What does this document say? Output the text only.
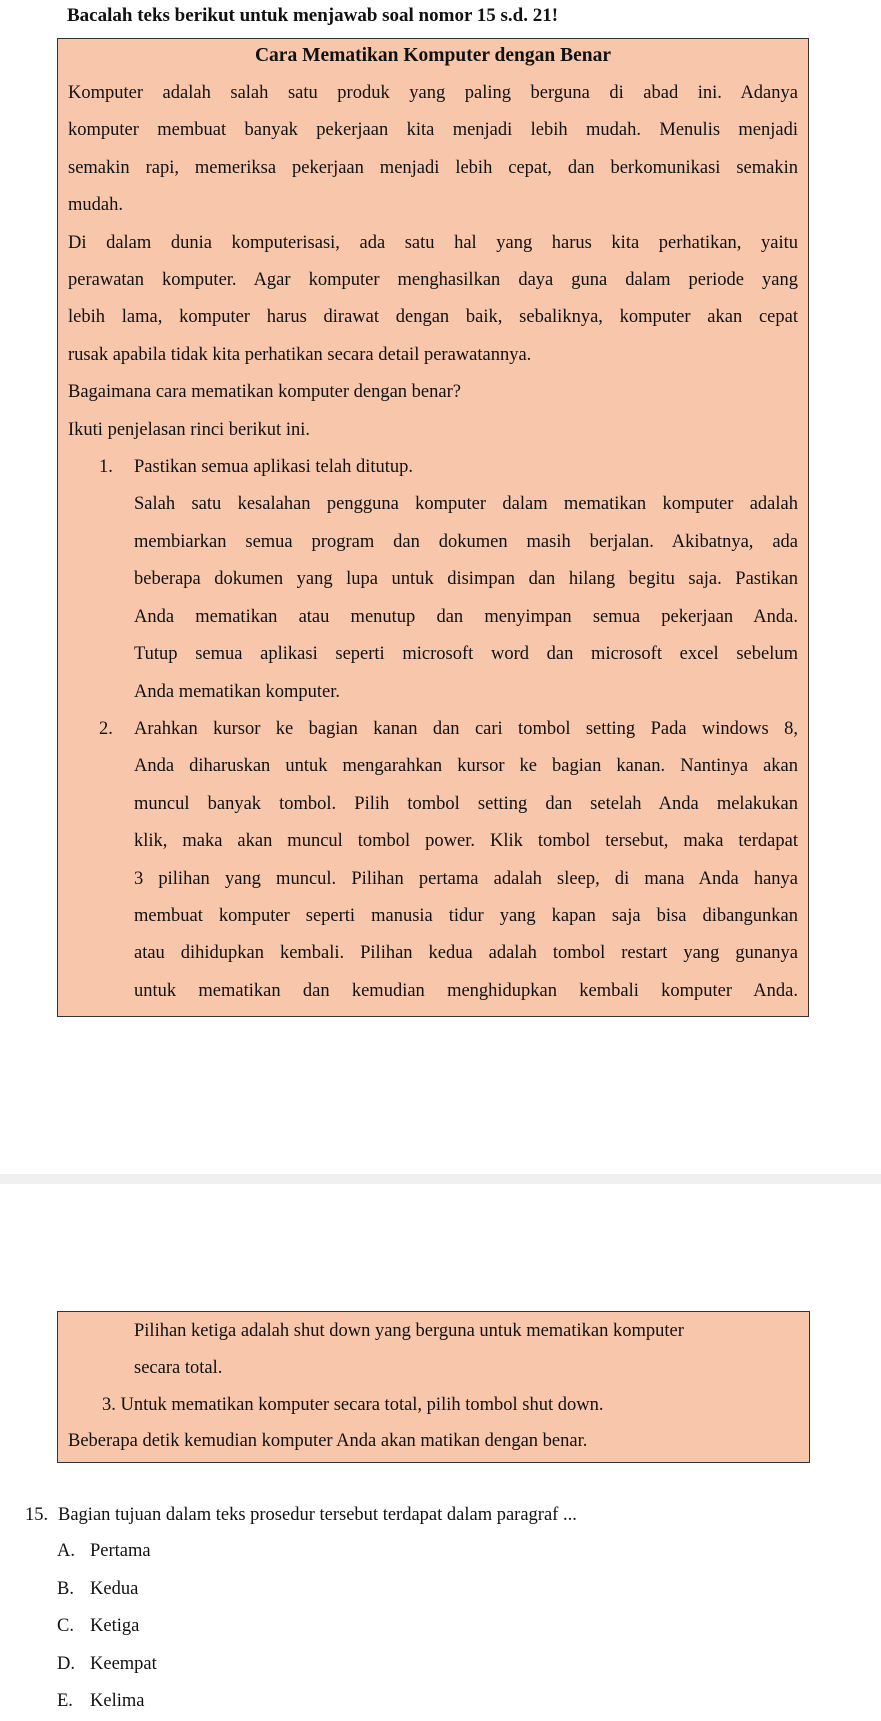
Bacalah teks berikut untuk menjawab soal nomor 15 s.d. 21!

Cara Mematikan Komputer dengan Benar
Komputer adalah salah satu produk yang paling berguna di abad ini. Adanya
komputer membuat banyak pekerjaan kita menjadi lebih mudah. Menulis menjadi
semakin rapi, memeriksa pekerjaan menjadi lebih cepat, dan berkomunikasi semakin
mudah.
Di dalam dunia komputerisasi, ada satu hal yang harus kita perhatikan, yaitu
perawatan komputer. Agar komputer menghasilkan daya guna dalam periode yang
lebih lama, komputer harus dirawat dengan baik, sebaliknya, komputer akan cepat
rusak apabila tidak kita perhatikan secara detail perawatannya.
Bagaimana cara mematikan komputer dengan benar?
Ikuti penjelasan rinci berikut ini.
1. Pastikan semua aplikasi telah ditutup.
Salah satu kesalahan pengguna komputer dalam mematikan komputer adalah
membiarkan semua program dan dokumen masih berjalan. Akibatnya, ada
beberapa dokumen yang lupa untuk disimpan dan hilang begitu saja. Pastikan
Anda mematikan atau menutup dan menyimpan semua pekerjaan Anda.
Tutup semua aplikasi seperti microsoft word dan microsoft excel sebelum
Anda mematikan komputer.
2. Arahkan kursor ke bagian kanan dan cari tombol setting Pada windows 8,
Anda diharuskan untuk mengarahkan kursor ke bagian kanan. Nantinya akan
muncul banyak tombol. Pilih tombol setting dan setelah Anda melakukan
klik, maka akan muncul tombol power. Klik tombol tersebut, maka terdapat
3 pilihan yang muncul. Pilihan pertama adalah sleep, di mana Anda hanya
membuat komputer seperti manusia tidur yang kapan saja bisa dibangunkan
atau dihidupkan kembali. Pilihan kedua adalah tombol restart yang gunanya
untuk mematikan dan kemudian menghidupkan kembali komputer Anda.
Pilihan ketiga adalah shut down yang berguna untuk mematikan komputer
secara total.
3. Untuk mematikan komputer secara total, pilih tombol shut down.
Beberapa detik kemudian komputer Anda akan matikan dengan benar.

15. Bagian tujuan dalam teks prosedur tersebut terdapat dalam paragraf ...

A. Pertama
B. Kedua
C. Ketiga
D. Keempat
E. Kelima
